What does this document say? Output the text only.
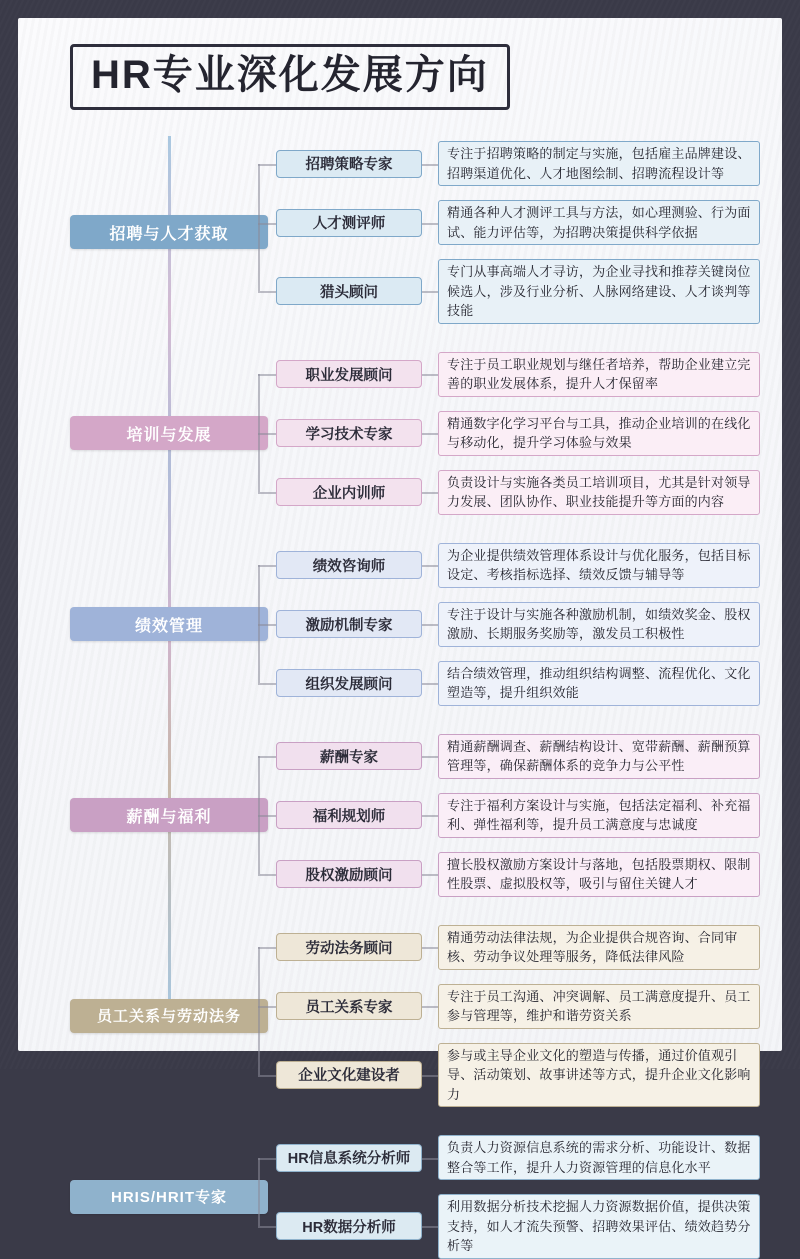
HR专业深化发展方向
招聘与人才获取
招聘策略专家
专注于招聘策略的制定与实施，包括雇主品牌建设、
招聘渠道优化、人才地图绘制、招聘流程设计等
人才测评师
精通各种人才测评工具与方法，如心理测验、行为面
试、能力评估等，为招聘决策提供科学依据
猎头顾问
专门从事高端人才寻访，为企业寻找和推荐关键岗位
候选人，涉及行业分析、人脉网络建设、人才谈判等
技能
培训与发展
职业发展顾问
专注于员工职业规划与继任者培养，帮助企业建立完
善的职业发展体系，提升人才保留率
学习技术专家
精通数字化学习平台与工具，推动企业培训的在线化
与移动化，提升学习体验与效果
企业内训师
负责设计与实施各类员工培训项目，尤其是针对领导
力发展、团队协作、职业技能提升等方面的内容
绩效管理
绩效咨询师
为企业提供绩效管理体系设计与优化服务，包括目标
设定、考核指标选择、绩效反馈与辅导等
激励机制专家
专注于设计与实施各种激励机制，如绩效奖金、股权
激励、长期服务奖励等，激发员工积极性
组织发展顾问
结合绩效管理，推动组织结构调整、流程优化、文化
塑造等，提升组织效能
薪酬与福利
薪酬专家
精通薪酬调查、薪酬结构设计、宽带薪酬、薪酬预算
管理等，确保薪酬体系的竞争力与公平性
福利规划师
专注于福利方案设计与实施，包括法定福利、补充福
利、弹性福利等，提升员工满意度与忠诚度
股权激励顾问
擅长股权激励方案设计与落地，包括股票期权、限制
性股票、虚拟股权等，吸引与留住关键人才
员工关系与劳动法务
劳动法务顾问
精通劳动法律法规，为企业提供合规咨询、合同审
核、劳动争议处理等服务，降低法律风险
员工关系专家
专注于员工沟通、冲突调解、员工满意度提升、员工
参与管理等，维护和谐劳资关系
企业文化建设者
参与或主导企业文化的塑造与传播，通过价值观引
导、活动策划、故事讲述等方式，提升企业文化影响
力
HRIS/HRIT专家
HR信息系统分析师
负责人力资源信息系统的需求分析、功能设计、数据
整合等工作，提升人力资源管理的信息化水平
HR数据分析师
利用数据分析技术挖掘人力资源数据价值，提供决策
支持，如人才流失预警、招聘效果评估、绩效趋势分
析等
